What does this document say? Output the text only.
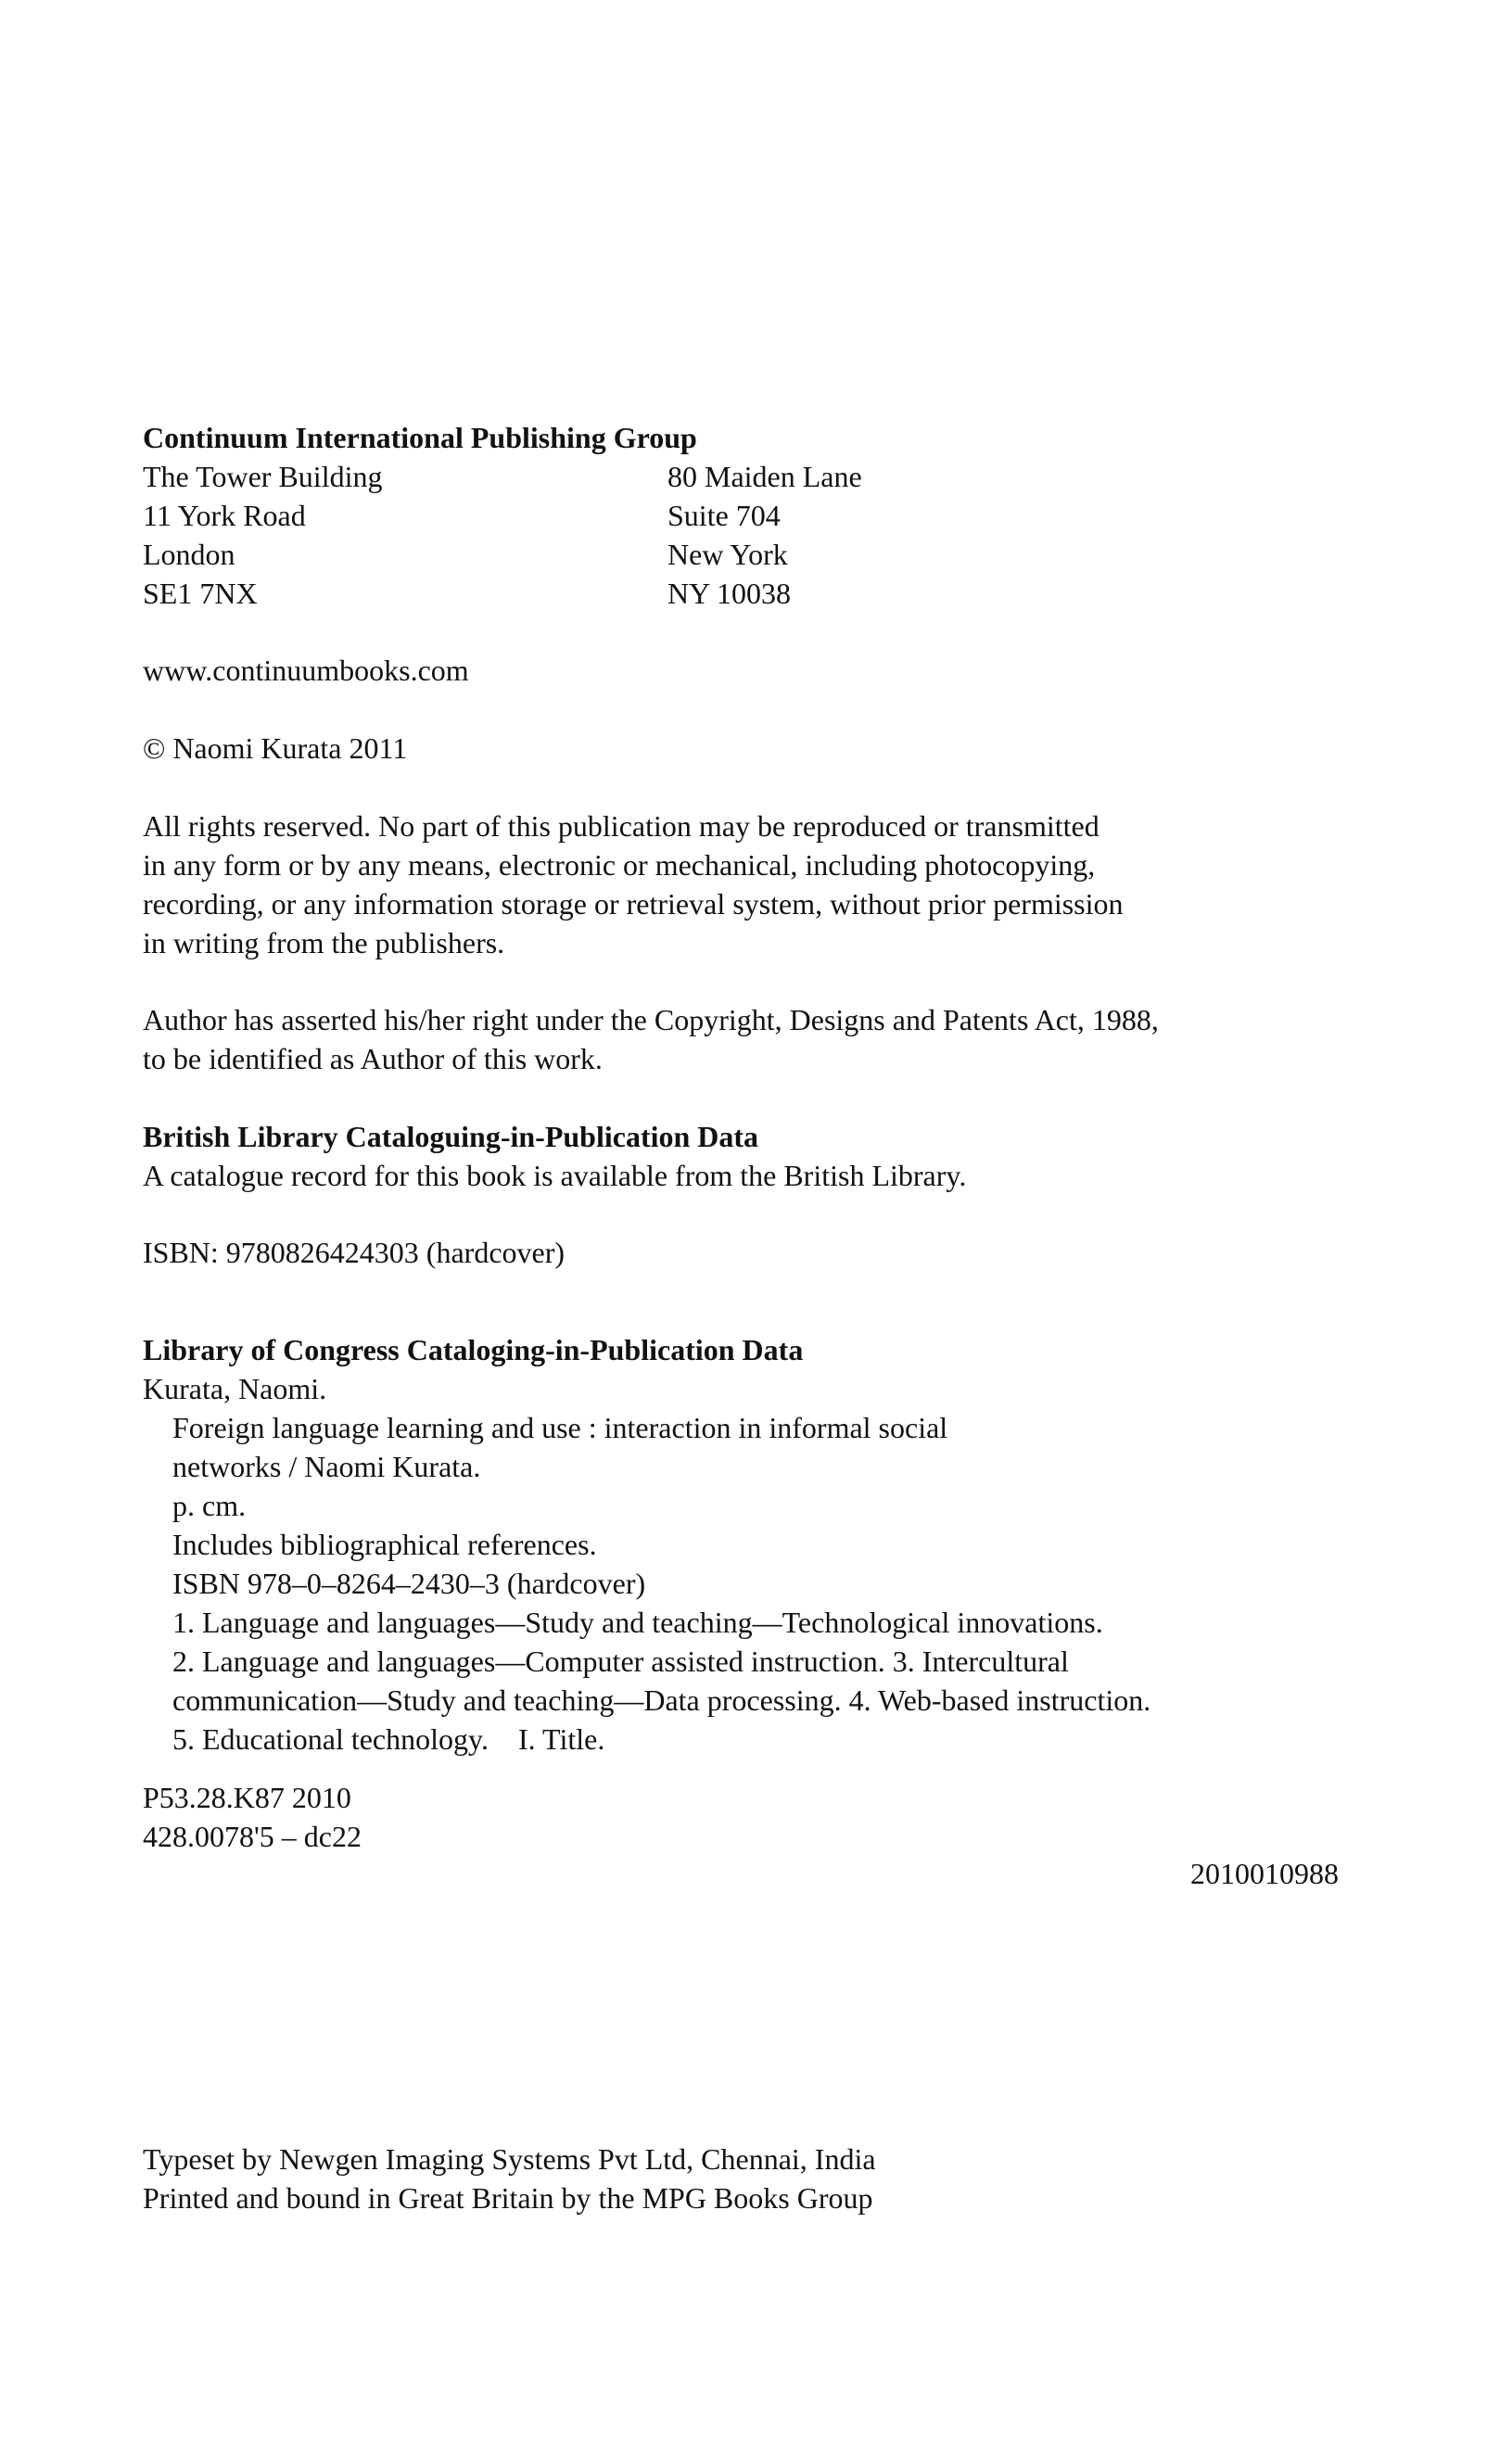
Continuum International Publishing Group
The Tower Building	80 Maiden Lane
11 York Road	Suite 704
London	New York
SE1 7NX	NY 10038
www.continuumbooks.com
© Naomi Kurata 2011
All rights reserved. No part of this publication may be reproduced or transmitted
in any form or by any means, electronic or mechanical, including photocopying,
recording, or any information storage or retrieval system, without prior permission
in writing from the publishers.
Author has asserted his/her right under the Copyright, Designs and Patents Act, 1988,
to be identified as Author of this work.
British Library Cataloguing-in-Publication Data
A catalogue record for this book is available from the British Library.
ISBN: 9780826424303 (hardcover)
Library of Congress Cataloging-in-Publication Data
Kurata, Naomi.
Foreign language learning and use : interaction in informal social
networks / Naomi Kurata.
p. cm.
Includes bibliographical references.
ISBN 978–0–8264–2430–3 (hardcover)
1. Language and languages—Study and teaching—Technological innovations.
2. Language and languages—Computer assisted instruction. 3. Intercultural
communication—Study and teaching—Data processing. 4. Web-based instruction.
5. Educational technology.    I. Title.
P53.28.K87 2010
428.0078'5 – dc22
2010010988
Typeset by Newgen Imaging Systems Pvt Ltd, Chennai, India
Printed and bound in Great Britain by the MPG Books Group
